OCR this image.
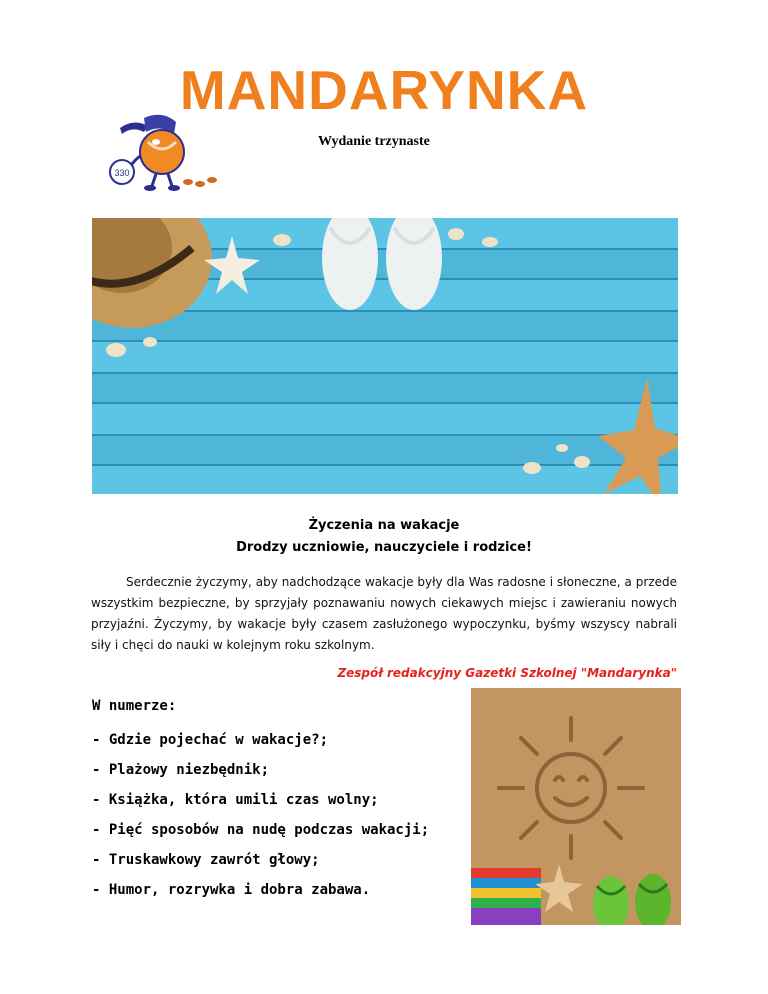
MANDARYNKA
330
Wydanie trzynaste
Życzenia na wakacje
Drodzy uczniowie, nauczyciele i rodzice!
Serdecznie życzymy, aby nadchodzące wakacje były dla Was radosne i słoneczne, a przede wszystkim bezpieczne, by sprzyjały poznawaniu nowych ciekawych miejsc i zawieraniu nowych przyjaźni. Życzymy, by wakacje były czasem zasłużonego wypoczynku, byśmy wszyscy nabrali siły i chęci do nauki w kolejnym roku szkolnym.
Zespół redakcyjny Gazetki Szkolnej "Mandarynka"
W numerze:
- Gdzie pojechać w wakacje?;
- Plażowy niezbędnik;
- Książka, która umili czas wolny;
- Pięć sposobów na nudę podczas wakacji;
- Truskawkowy zawrót głowy;
- Humor, rozrywka i dobra zabawa.
